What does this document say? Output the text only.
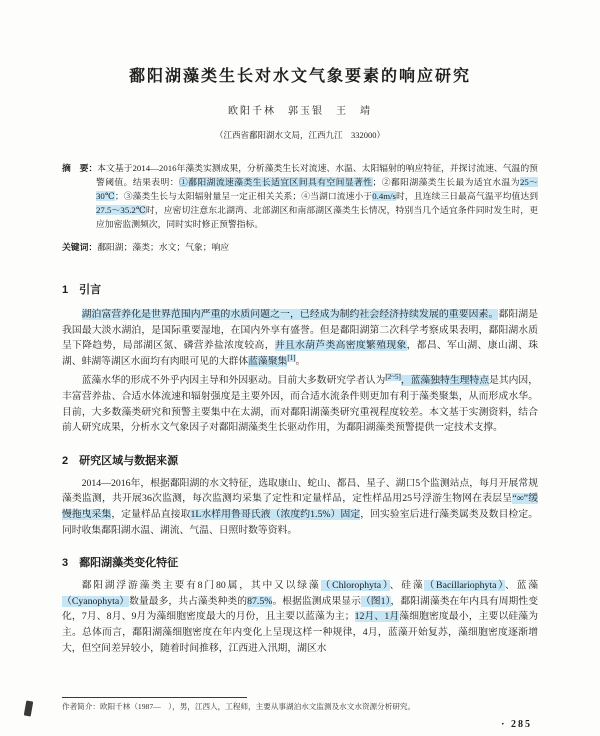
鄱阳湖藻类生长对水文气象要素的响应研究
欧阳千林　郭玉银　王　靖
（江西省鄱阳湖水文局，江西九江　332000）
摘　要：本文基于2014—2016年藻类实测成果，分析藻类生长对流速、水温、太阳辐射的响应特征，并探讨流速、气温的预警阈值。结果表明：①鄱阳湖流速藻类生长适宜区间具有空间显著性；②鄱阳湖藻类生长最为适宜水温为25～30℃；③藻类生长与太阳辐射量呈一定正相关关系；④当湖口流速小于0.4m/s时，且连续三日最高气温平均值达到27.5～35.2℃时，应密切注意东北湖湾、北部湖区和南部湖区藻类生长情况，特别当几个适宜条件同时发生时，更应加密监测频次，同时实时修正预警指标。
关键词：鄱阳湖；藻类；水文；气象；响应
1　引言

湖泊富营养化是世界范围内严重的水质问题之一，已经成为制约社会经济持续发展的重要因素。鄱阳湖是我国最大淡水湖泊，是国际重要湿地，在国内外享有盛誉。但是鄱阳湖第二次科学考察成果表明，鄱阳湖水质呈下降趋势，局部湖区氮、磷营养盐浓度较高，并且水葫芦类高密度繁殖现象，都昌、军山湖、康山湖、珠湖、蚌湖等湖区水面均有肉眼可见的大群体蓝藻聚集[1]。

蓝藻水华的形成不外乎内因主导和外因驱动。目前大多数研究学者认为[2~5]，蓝藻独特生理特点是其内因，丰富营养盐、合适水体流速和辐射强度是主要外因，而合适水流条件则更加有利于藻类聚集，从而形成水华。目前，大多数藻类研究和预警主要集中在太湖，而对鄱阳湖藻类研究重视程度较差。本文基于实测资料，结合前人研究成果，分析水文气象因子对鄱阳湖藻类生长驱动作用，为鄱阳湖藻类预警提供一定技术支撑。

2　研究区域与数据来源

2014—2016年，根据鄱阳湖的水文特征，选取康山、蛇山、都昌、星子、湖口5个监测站点，每月开展常规藻类监测，共开展36次监测，每次监测均采集了定性和定量样品，定性样品用25号浮游生物网在表层呈“∞”缓慢拖曳采集，定量样品直接取1L水样用鲁哥氏液（浓度约1.5%）固定，回实验室后进行藻类属类及数目检定。同时收集鄱阳湖水温、湖流、气温、日照时数等资料。

3　鄱阳湖藻类变化特征

鄱阳湖浮游藻类主要有8门80属，其中又以绿藻（Chlorophyta）、硅藻（Bacillariophyta）、蓝藻（Cyanophyta）数量最多，共占藻类种类的87.5%。根据监测成果显示（图1），鄱阳湖藻类在年内具有周期性变化，7月、8月、9月为藻细胞密度最大的月份，且主要以蓝藻为主；12月、1月藻细胞密度最小，主要以硅藻为主。总体而言，鄱阳湖藻细胞密度在年内变化上呈现这样一种规律，4月，蓝藻开始复苏，藻细胞密度逐渐增大，但空间差异较小，随着时间推移，江西进入汛期，湖区水

作者简介：欧阳千林（1987—　），男，江西人，工程师，主要从事湖泊水文监测及水文水资源分析研究。
· 285
